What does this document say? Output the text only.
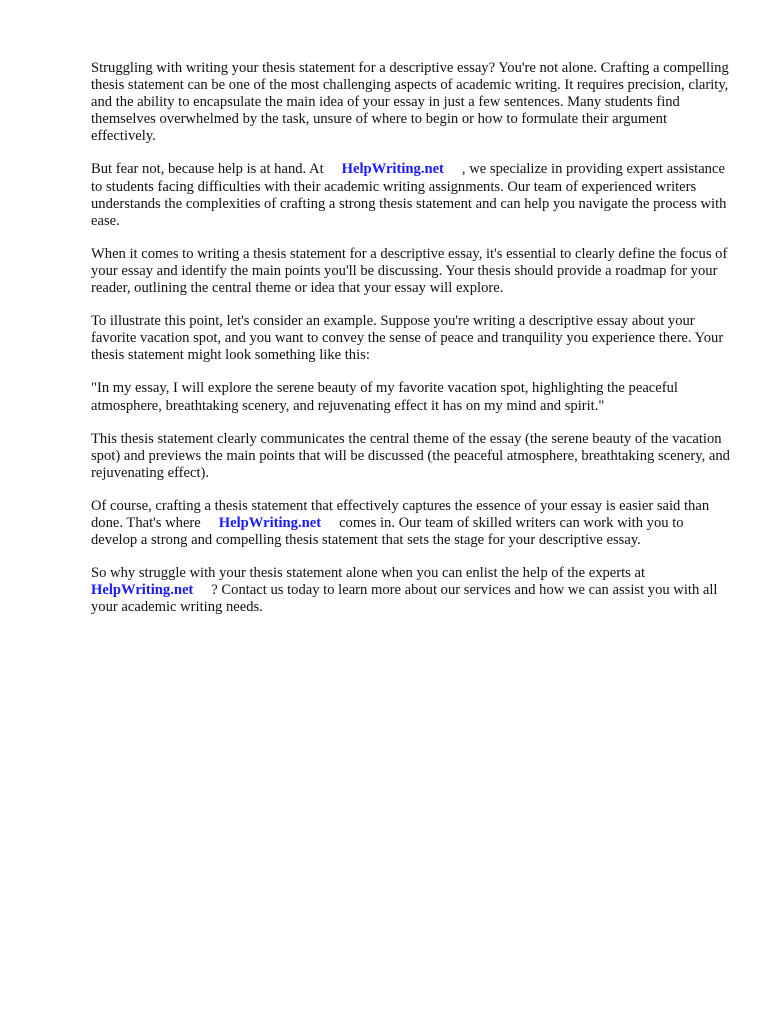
Struggling with writing your thesis statement for a descriptive essay? You're not alone. Crafting a compelling thesis statement can be one of the most challenging aspects of academic writing. It requires precision, clarity, and the ability to encapsulate the main idea of your essay in just a few sentences. Many students find themselves overwhelmed by the task, unsure of where to begin or how to formulate their argument effectively.

But fear not, because help is at hand. At HelpWriting.net , we specialize in providing expert assistance to students facing difficulties with their academic writing assignments. Our team of experienced writers understands the complexities of crafting a strong thesis statement and can help you navigate the process with ease.

When it comes to writing a thesis statement for a descriptive essay, it's essential to clearly define the focus of your essay and identify the main points you'll be discussing. Your thesis should provide a roadmap for your reader, outlining the central theme or idea that your essay will explore.

To illustrate this point, let's consider an example. Suppose you're writing a descriptive essay about your favorite vacation spot, and you want to convey the sense of peace and tranquility you experience there. Your thesis statement might look something like this:

"In my essay, I will explore the serene beauty of my favorite vacation spot, highlighting the peaceful atmosphere, breathtaking scenery, and rejuvenating effect it has on my mind and spirit."

This thesis statement clearly communicates the central theme of the essay (the serene beauty of the vacation spot) and previews the main points that will be discussed (the peaceful atmosphere, breathtaking scenery, and rejuvenating effect).

Of course, crafting a thesis statement that effectively captures the essence of your essay is easier said than done. That's where HelpWriting.net comes in. Our team of skilled writers can work with you to develop a strong and compelling thesis statement that sets the stage for your descriptive essay.

So why struggle with your thesis statement alone when you can enlist the help of the experts at HelpWriting.net ? Contact us today to learn more about our services and how we can assist you with all your academic writing needs.
